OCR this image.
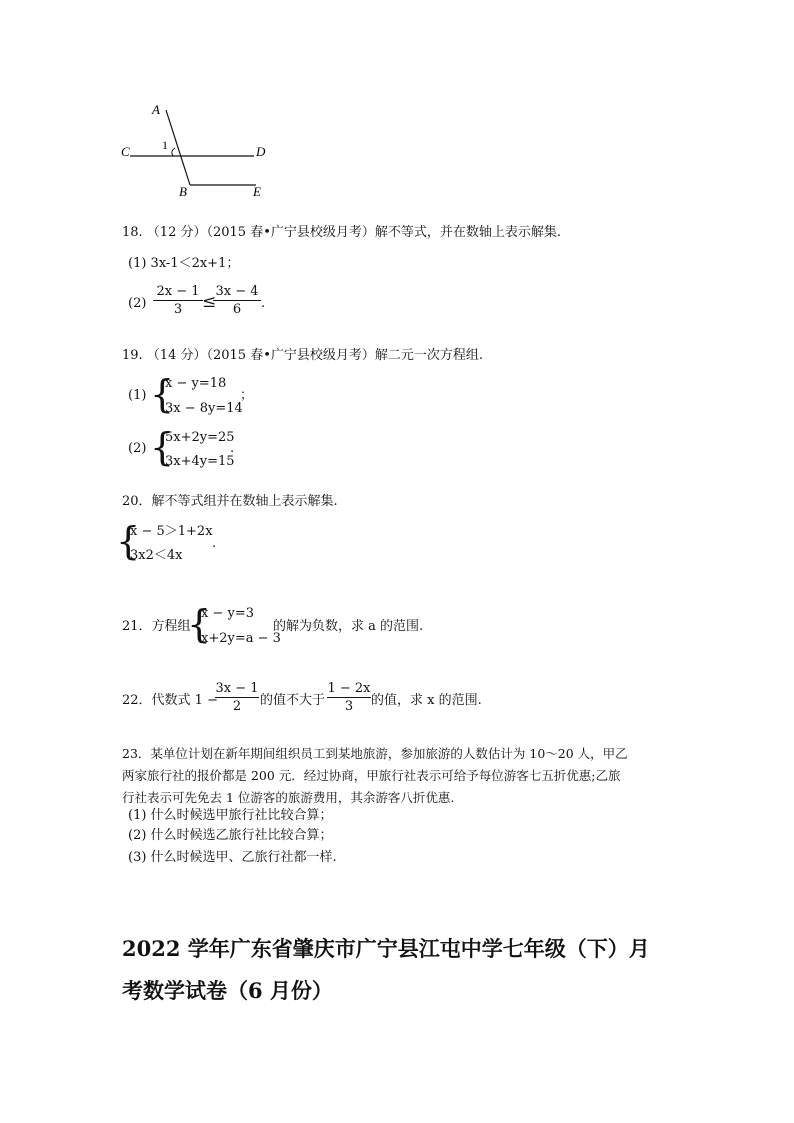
A
C	D
B	E
1
18. （12 分）（2015 春•广宁县校级月考）解不等式，并在数轴上表示解集.
(1) 3x-1＜2x+1；
(2)
2x − 1
3	≤
3x − 4
6	.
19. （14 分）（2015 春•广宁县校级月考）解二元一次方程组.
(1) {
x − y=18
3x − 8y=14
；
(2) {
5x+2y=25
3x+4y=15
.
20．解不等式组并在数轴上表示解集.
{
x − 5＞1+2x
3x2＜4x
.
21．方程组
{
x − y=3
x+2y=a − 3
的解为负数，求 a 的范围.
22．代数式 1 −
3x − 1
2	的值不大于
1 − 2x
3	的值，求 x 的范围.
23．某单位计划在新年期间组织员工到某地旅游，参加旅游的人数估计为 10～20 人，甲乙
两家旅行社的报价都是 200 元．经过协商，甲旅行社表示可给予每位游客七五折优惠;乙旅
行社表示可先免去 1 位游客的旅游费用，其余游客八折优惠.
(1) 什么时候选甲旅行社比较合算；
(2) 什么时候选乙旅行社比较合算；
(3) 什么时候选甲、乙旅行社都一样.
2022 学年广东省肇庆市广宁县江屯中学七年级（下）月
考数学试卷（6 月份）
